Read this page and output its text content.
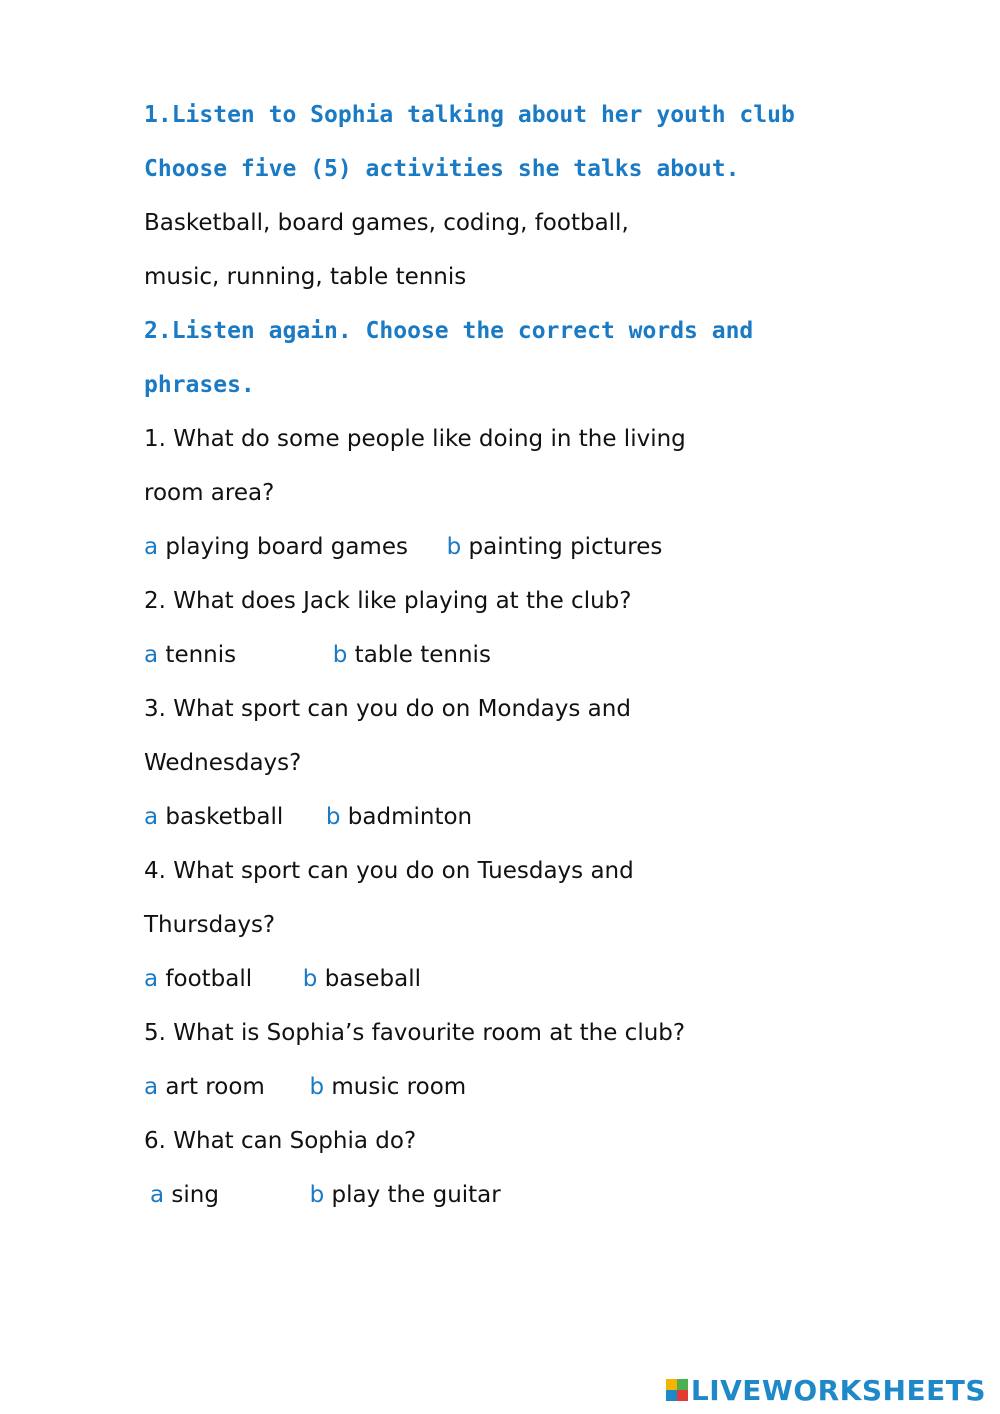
1.Listen to Sophia talking about her youth club
Choose five (5) activities she talks about.
Basketball, board games, coding, football,
music, running, table tennis
2.Listen again. Choose the correct words and
phrases.
1. What do some people like doing in the living
room area?
a playing board games b painting pictures
2. What does Jack like playing at the club?
a tennis	b table tennis
3. What sport can you do on Mondays and
Wednesdays?
a basketball b badminton
4. What sport can you do on Tuesdays and
Thursdays?
a football b baseball
5. What is Sophia’s favourite room at the club?
a art room b music room
6. What can Sophia do?
a sing	b play the guitar
LIVEWORKSHEETS
